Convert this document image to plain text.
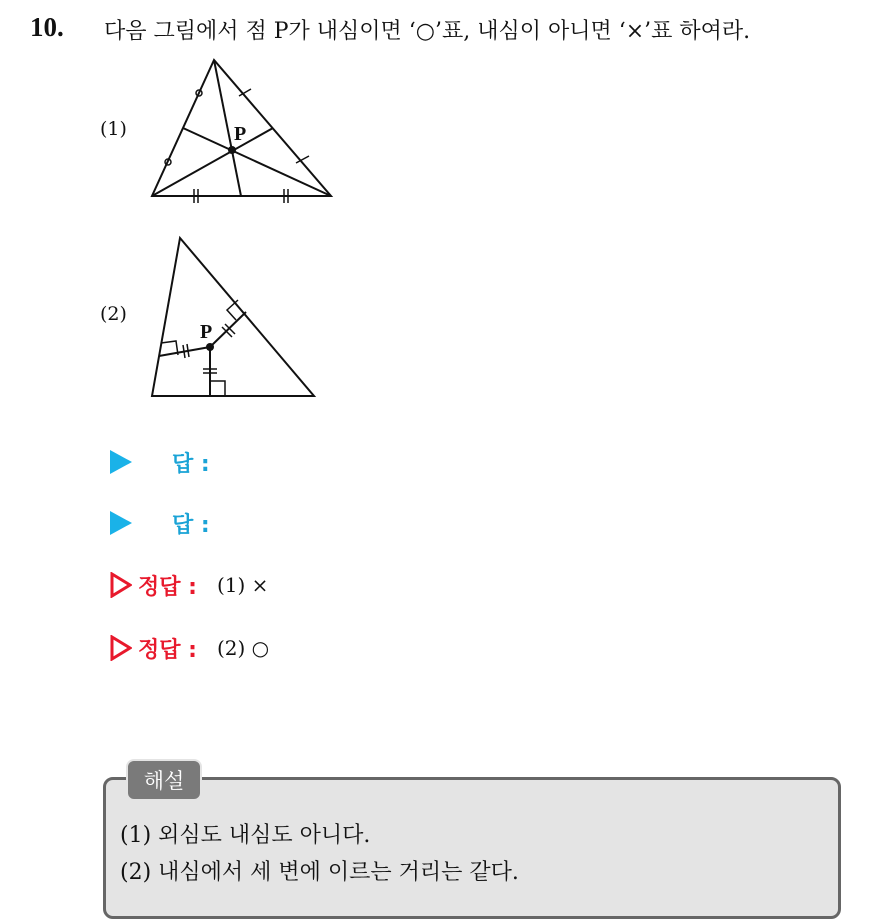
10. 다음 그림에서 점 P가 내심이면 ‘○’표, 내심이 아니면 ‘×’표 하여라.
(1)	P
(2)
P
답 :
답 :
정답 : (1) ×
정답 : (2) ○
해설
(1) 외심도 내심도 아니다.
(2) 내심에서 세 변에 이르는 거리는 같다.
